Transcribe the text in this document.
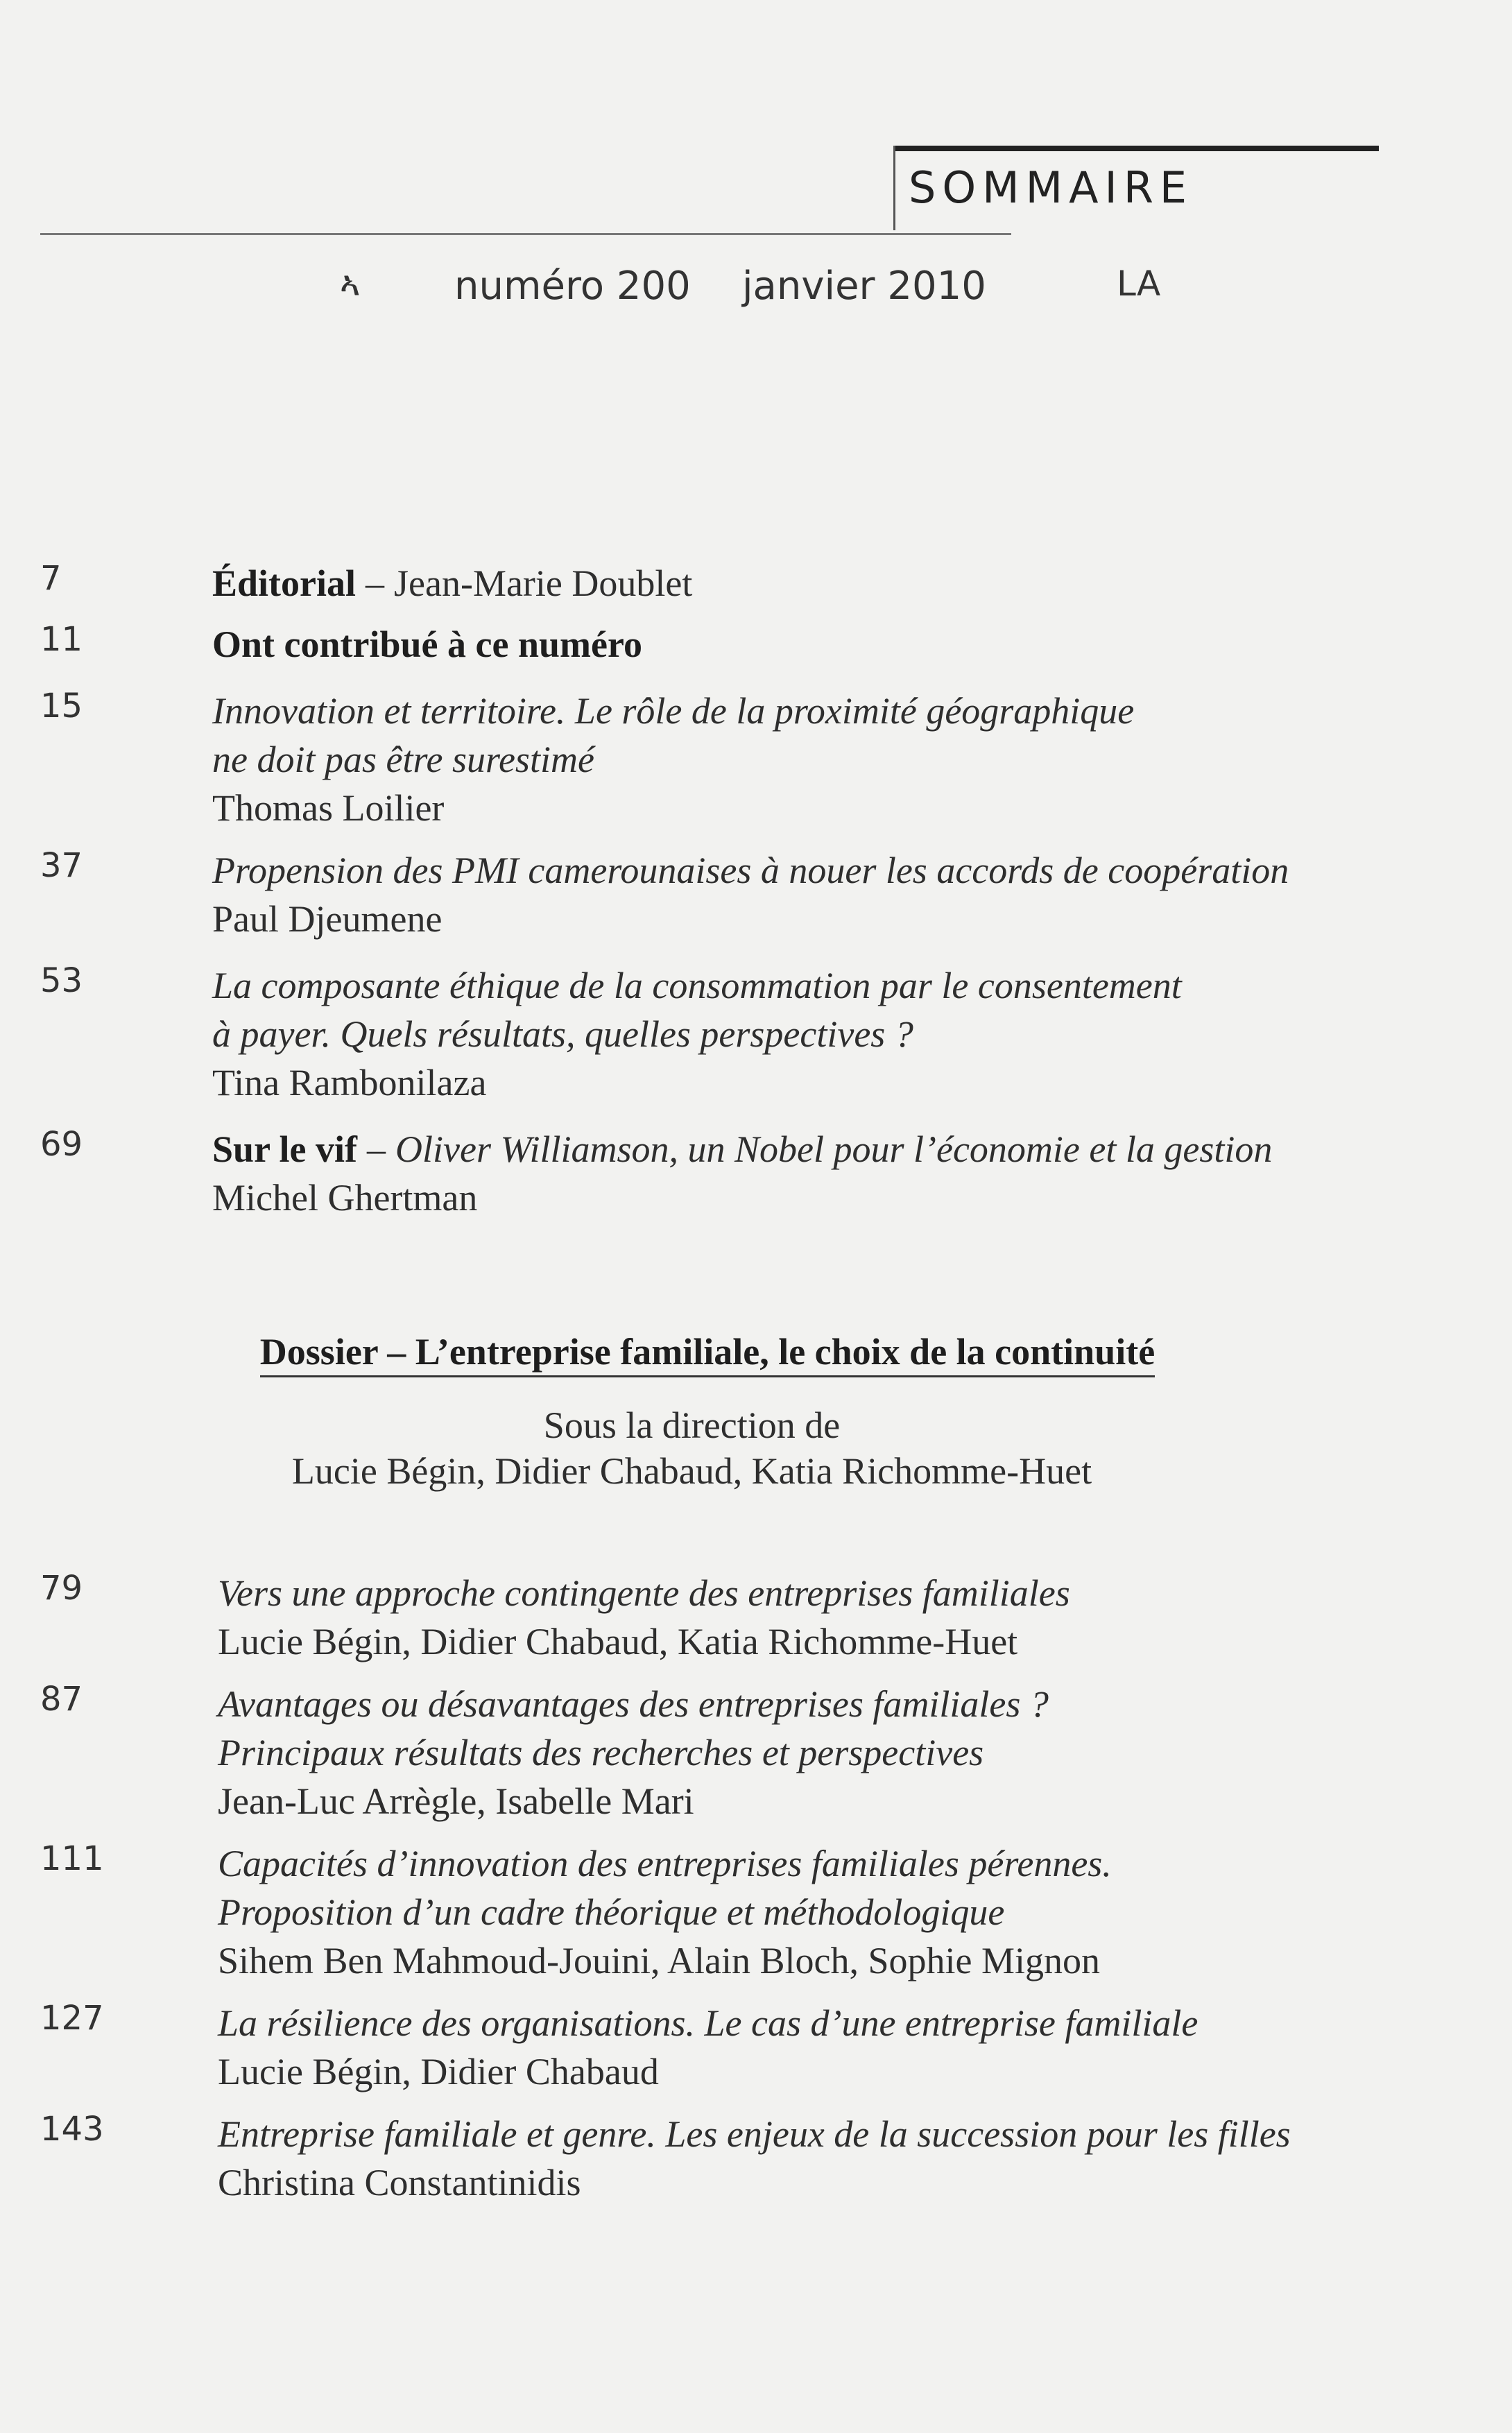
SOMMAIRE
ኣ numéro 200 janvier 2010	LA
7	Éditorial – Jean-Marie Doublet
11	Ont contribué à ce numéro
15	Innovation et territoire. Le rôle de la proximité géographique
ne doit pas être surestimé
Thomas Loilier
37	Propension des PMI camerounaises à nouer les accords de coopération
Paul Djeumene
53	La composante éthique de la consommation par le consentement
à payer. Quels résultats, quelles perspectives ?
Tina Rambonilaza
69	Sur le vif – Oliver Williamson, un Nobel pour l’économie et la gestion
Michel Ghertman
Dossier – L’entreprise familiale, le choix de la continuité
Sous la direction de
Lucie Bégin, Didier Chabaud, Katia Richomme-Huet
79	Vers une approche contingente des entreprises familiales
Lucie Bégin, Didier Chabaud, Katia Richomme-Huet
87	Avantages ou désavantages des entreprises familiales ?
Principaux résultats des recherches et perspectives
Jean-Luc Arrègle, Isabelle Mari
111	Capacités d’innovation des entreprises familiales pérennes.
Proposition d’un cadre théorique et méthodologique
Sihem Ben Mahmoud-Jouini, Alain Bloch, Sophie Mignon
127	La résilience des organisations. Le cas d’une entreprise familiale
Lucie Bégin, Didier Chabaud
143	Entreprise familiale et genre. Les enjeux de la succession pour les filles
Christina Constantinidis
